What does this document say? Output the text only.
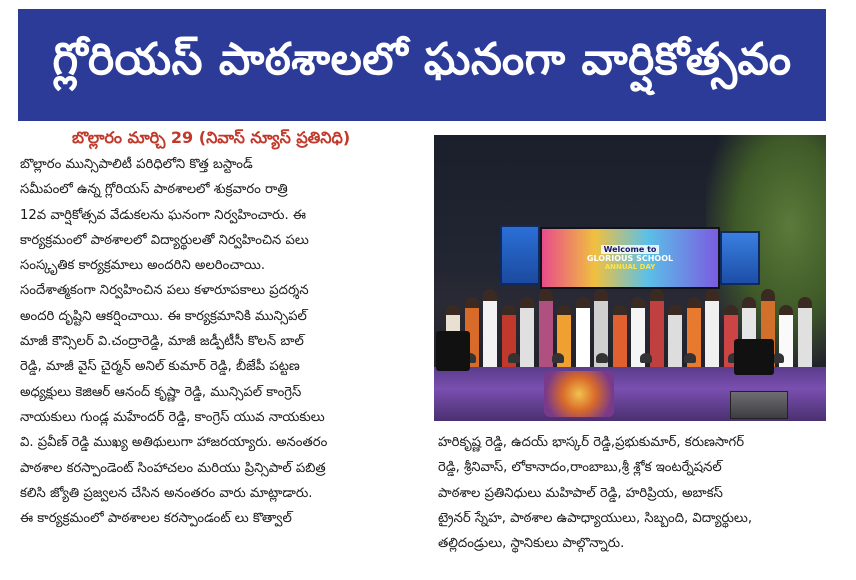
గ్లోరియస్ పాఠశాలలో ఘనంగా వార్షికోత్సవం
బొల్లారం మార్చి 29 (నివాస్ న్యూస్ ప్రతినిధి)
బొల్లారం మున్సిపాలిటీ పరిధిలోని కొత్త బస్టాండ్
సమీపంలో ఉన్న గ్లోరియస్ పాఠశాలలో శుక్రవారం రాత్రి
12వ వార్షికోత్సవ వేడుకలను ఘనంగా నిర్వహించారు. ఈ
కార్యక్రమంలో పాఠశాలలో విద్యార్థులతో నిర్వహించిన పలు
సంస్కృతిక కార్యక్రమాలు అందరిని అలరించాయి.
సందేశాత్మకంగా నిర్వహించిన పలు కళారూపకాలు ప్రదర్శన
అందరి దృష్టిని ఆకర్షించాయి. ఈ కార్యక్రమానికి మున్సిపల్
మాజీ కౌన్సిలర్ వి.చంద్రారెడ్డి, మాజీ జడ్పీటీసీ కొలన్ బాల్
రెడ్డి, మాజీ వైస్ చైర్మన్ అనిల్ కుమార్ రెడ్డి, బీజేపీ పట్టణ
అధ్యక్షులు కెజిఆర్ ఆనంద్ కృష్ణా రెడ్డి, మున్సిపల్ కాంగ్రెస్
నాయకులు గుండ్ల మహేందర్ రెడ్డి, కాంగ్రెస్ యువ నాయకులు
వి. ప్రవీణ్ రెడ్డి ముఖ్య అతిథులుగా హాజరయ్యారు. అనంతరం
పాఠశాల కరస్పాండెంట్ సింహాచలం మరియు ప్రిన్సిపాల్ పబిత్ర
కలిసి జ్యోతి ప్రజ్వలన చేసిన అనంతరం వారు మాట్లాడారు.
ఈ కార్యక్రమంలో పాఠశాలల కరస్పాండంట్ లు కొత్వాల్
Welcome to
GLORIOUS SCHOOL
ANNUAL DAY
హరికృష్ణ రెడ్డి, ఉదయ్ భాస్కర్ రెడ్డి,ప్రభుకుమార్, కరుణసాగర్
రెడ్డి, శ్రీనివాస్, లోకానాదం,రాంబాబు,శ్రీ శ్లోక ఇంటర్నేషనల్
పాఠశాల ప్రతినిధులు మహిపాల్ రెడ్డి, హరిప్రియ, అబాకస్
ట్రైనర్ స్నేహ, పాఠశాల ఉపాధ్యాయులు, సిబ్బంది, విద్యార్థులు,
తల్లిదండ్రులు, స్థానికులు పాల్గొన్నారు.
